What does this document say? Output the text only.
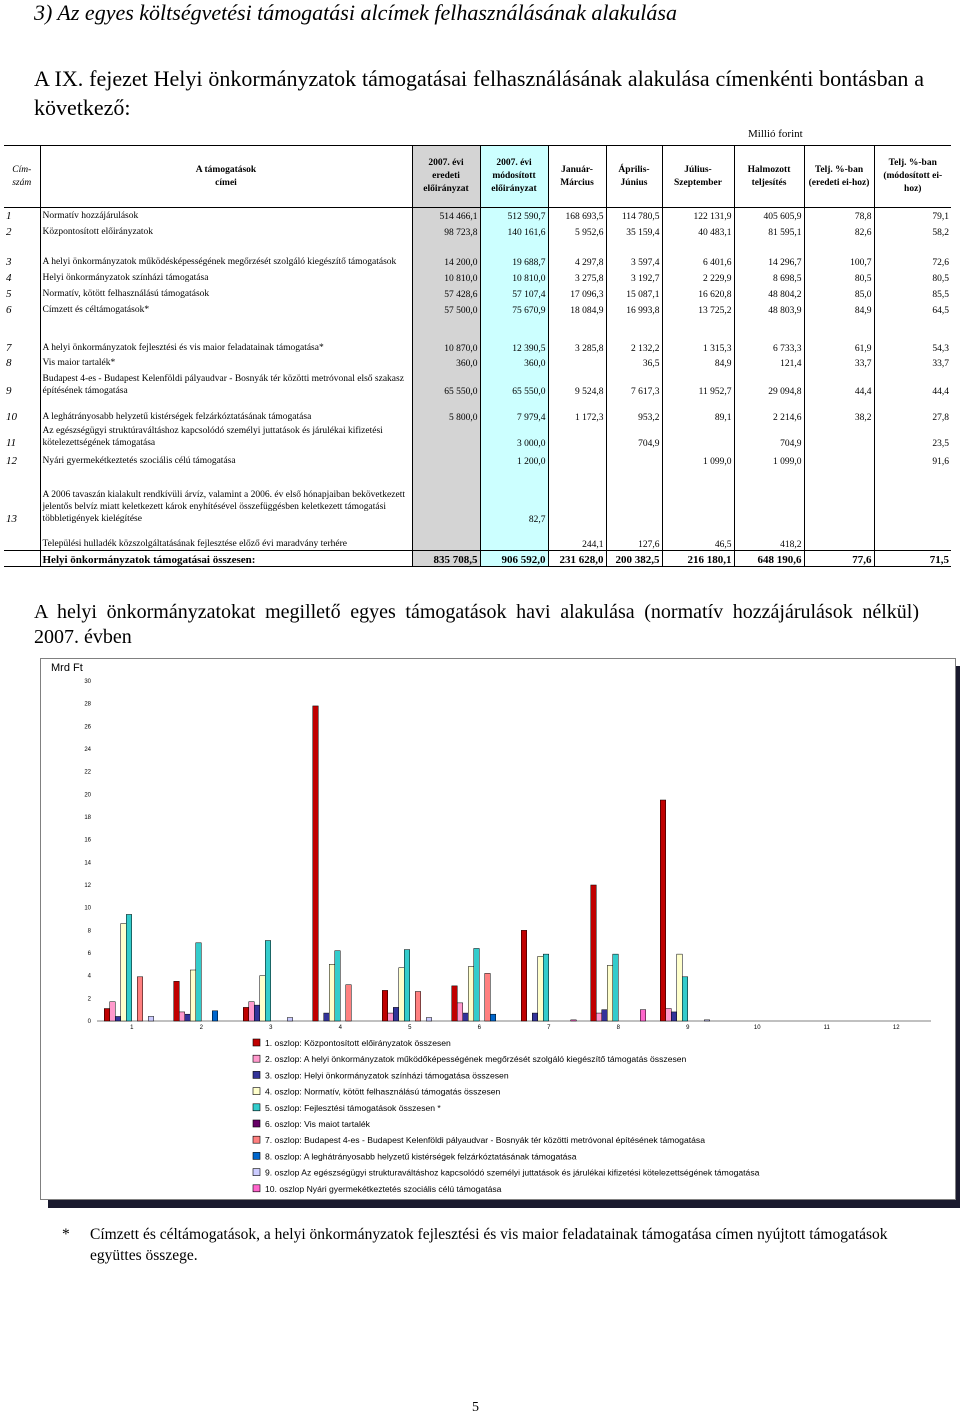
3) Az egyes költségvetési támogatási alcímek felhasználásának alakulása
A IX. fejezet Helyi önkormányzatok támogatásai felhasználásának alakulása címenkénti bontásban a következő:
Millió forint
Cím-szám	A támogatások címei	2007. évi eredeti előirányzat	2007. évi módosított előirányzat	Január-Március	Április-Június	Július-Szeptember	Halmozott teljesítés	Telj. %-ban (eredeti ei-hoz)	Telj. %-ban (módosított ei-hoz)
1	Normatív hozzájárulások	514 466,1	512 590,7	168 693,5	114 780,5	122 131,9	405 605,9	78,8	79,1
2	Központosított előirányzatok	98 723,8	140 161,6	5 952,6	35 159,4	40 483,1	81 595,1	82,6	58,2
3	A helyi önkormányzatok működésképességének megőrzését szolgáló kiegészítő támogatások	14 200,0	19 688,7	4 297,8	3 597,4	6 401,6	14 296,7	100,7	72,6
4	Helyi önkormányzatok színházi támogatása	10 810,0	10 810,0	3 275,8	3 192,7	2 229,9	8 698,5	80,5	80,5
5	Normatív, kötött felhasználású támogatások	57 428,6	57 107,4	17 096,3	15 087,1	16 620,8	48 804,2	85,0	85,5
6	Címzett és céltámogatások*	57 500,0	75 670,9	18 084,9	16 993,8	13 725,2	48 803,9	84,9	64,5

7	A helyi önkormányzatok fejlesztési és vis maior feladatainak támogatása*	10 870,0	12 390,5	3 285,8	2 132,2	1 315,3	6 733,3	61,9	54,3
8	Vis maior tartalék*	360,0	360,0		36,5	84,9	121,4	33,7	33,7
9	Budapest 4-es - Budapest Kelenföldi pályaudvar - Bosnyák tér közötti metróvonal első szakasz építésének támogatása	65 550,0	65 550,0	9 524,8	7 617,3	11 952,7	29 094,8	44,4	44,4
10	A leghátrányosabb helyzetű kistérségek felzárkóztatásának támogatása	5 800,0	7 979,4	1 172,3	953,2	89,1	2 214,6	38,2	27,8
11	Az egészségügyi struktúraváltáshoz kapcsolódó személyi juttatások és járulékai kifizetési kötelezettségének támogatása		3 000,0		704,9		704,9		23,5
12	Nyári gyermekétkeztetés szociális célú támogatása		1 200,0			1 099,0	1 099,0		91,6
13	A 2006 tavaszán kialakult rendkívüli árvíz, valamint a 2006. év első hónapjaiban bekövetkezett jelentős belvíz miatt keletkezett károk enyhítésével összefüggésben keletkezett támogatási többletigények kielégítése		82,7						
	Települési hulladék közszolgáltatásának fejlesztése előző évi maradvány terhére			244,1	127,6	46,5	418,2		
	Helyi önkormányzatok támogatásai összesen:	835 708,5	906 592,0	231 628,0	200 382,5	216 180,1	648 190,6	77,6	71,5
A helyi önkormányzatokat megillető egyes támogatások havi alakulása (normatív hozzájárulások nélkül) 2007. évben
Mrd Ft
0
2
4
6
8
10
12
14
16
18
20
22
24
26
28
30
1	2	3	4	5	6	7	8	9	10	11	12
1. oszlop: Központosított előirányzatok összesen
2. oszlop: A helyi önkormányzatok működőképességének megőrzését szolgáló kiegészítő támogatás összesen
3. oszlop: Helyi önkormányzatok színházi támogatása összesen
4. oszlop: Normatív, kötött felhasználású támogatás összesen
5. oszlop: Fejlesztési támogatások összesen *
6. oszlop: Vis maiot tartalék
7. oszlop: Budapest 4-es - Budapest Kelenföldi pályaudvar - Bosnyák tér közötti metróvonal építésének támogatása
8. oszlop: A leghátrányosabb helyzetű kistérségek felzárkóztatásának támogatása
9. oszlop Az egészségügyi strukturaváltáshoz kapcsolódó személyi juttatások és járulékai kifizetési kötelezettségének támogatása
10. oszlop Nyári gyermekétkeztetés szociális célú támogatása
* Címzett és céltámogatások, a helyi önkormányzatok fejlesztési és vis maior feladatainak támogatása címen nyújtott támogatások együttes összege.
5
